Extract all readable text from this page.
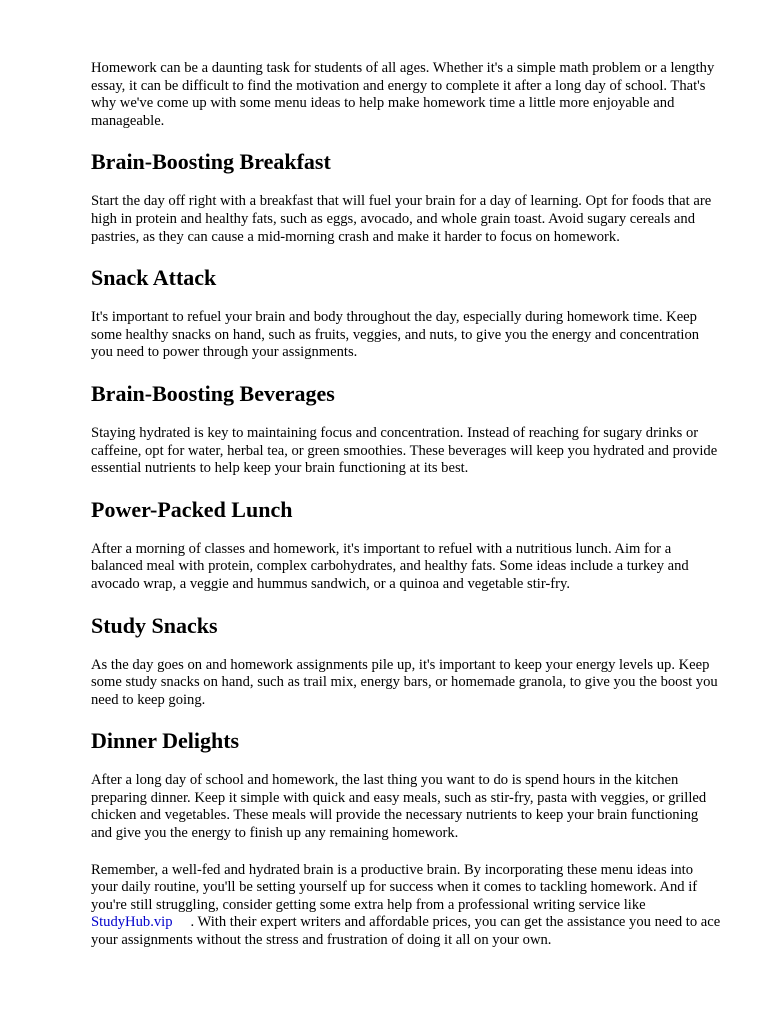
Homework can be a daunting task for students of all ages. Whether it's a simple math problem or a lengthy essay, it can be difficult to find the motivation and energy to complete it after a long day of school. That's why we've come up with some menu ideas to help make homework time a little more enjoyable and manageable.

Brain-Boosting Breakfast

Start the day off right with a breakfast that will fuel your brain for a day of learning. Opt for foods that are high in protein and healthy fats, such as eggs, avocado, and whole grain toast. Avoid sugary cereals and pastries, as they can cause a mid-morning crash and make it harder to focus on homework.

Snack Attack

It's important to refuel your brain and body throughout the day, especially during homework time. Keep some healthy snacks on hand, such as fruits, veggies, and nuts, to give you the energy and concentration you need to power through your assignments.

Brain-Boosting Beverages

Staying hydrated is key to maintaining focus and concentration. Instead of reaching for sugary drinks or caffeine, opt for water, herbal tea, or green smoothies. These beverages will keep you hydrated and provide essential nutrients to help keep your brain functioning at its best.

Power-Packed Lunch

After a morning of classes and homework, it's important to refuel with a nutritious lunch. Aim for a balanced meal with protein, complex carbohydrates, and healthy fats. Some ideas include a turkey and avocado wrap, a veggie and hummus sandwich, or a quinoa and vegetable stir-fry.

Study Snacks

As the day goes on and homework assignments pile up, it's important to keep your energy levels up. Keep some study snacks on hand, such as trail mix, energy bars, or homemade granola, to give you the boost you need to keep going.

Dinner Delights

After a long day of school and homework, the last thing you want to do is spend hours in the kitchen preparing dinner. Keep it simple with quick and easy meals, such as stir-fry, pasta with veggies, or grilled chicken and vegetables. These meals will provide the necessary nutrients to keep your brain functioning and give you the energy to finish up any remaining homework.

Remember, a well-fed and hydrated brain is a productive brain. By incorporating these menu ideas into your daily routine, you'll be setting yourself up for success when it comes to tackling homework. And if you're still struggling, consider getting some extra help from a professional writing service likeStudyHub.vip . With their expert writers and affordable prices, you can get the assistance you need to ace your assignments without the stress and frustration of doing it all on your own.
